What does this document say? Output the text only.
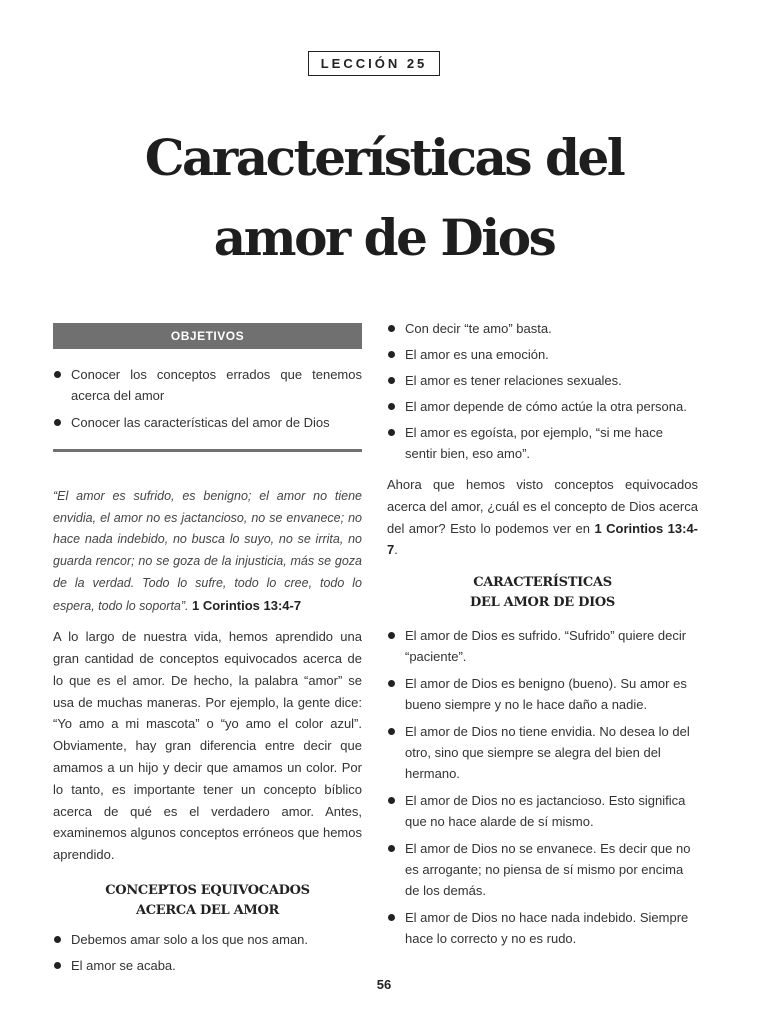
LECCIÓN 25
Características del
amor de Dios
OBJETIVOS
Conocer los conceptos errados que tenemos acerca del amor
Conocer las características del amor de Dios
“El amor es sufrido, es benigno; el amor no tiene envidia, el amor no es jactancioso, no se envanece; no hace nada indebido, no busca lo suyo, no se irrita, no guarda rencor; no se goza de la injusticia, más se goza de la verdad. Todo lo sufre, todo lo cree, todo lo espera, todo lo soporta”. 1 Corintios 13:4-7

A lo largo de nuestra vida, hemos aprendido una gran cantidad de conceptos equivocados acerca de lo que es el amor. De hecho, la palabra “amor” se usa de muchas maneras. Por ejemplo, la gente dice: “Yo amo a mi mascota” o “yo amo el color azul”. Obviamente, hay gran diferencia entre decir que amamos a un hijo y decir que amamos un color. Por lo tanto, es importante tener un concepto bíblico acerca de qué es el verdadero amor. Antes, examinemos algunos conceptos erróneos que hemos aprendido.

CONCEPTOS EQUIVOCADOS
ACERCA DEL AMOR
Debemos amar solo a los que nos aman.
El amor se acaba.
Con decir “te amo” basta.
El amor es una emoción.
El amor es tener relaciones sexuales.
El amor depende de cómo actúe la otra persona.
El amor es egoísta, por ejemplo, “si me hace sentir bien, eso amo”.

Ahora que hemos visto conceptos equivocados acerca del amor, ¿cuál es el concepto de Dios acerca del amor? Esto lo podemos ver en 1 Corintios 13:4-7.

CARACTERÍSTICAS
DEL AMOR DE DIOS
El amor de Dios es sufrido. “Sufrido” quiere decir “paciente”.
El amor de Dios es benigno (bueno). Su amor es bueno siempre y no le hace daño a nadie.
El amor de Dios no tiene envidia. No desea lo del otro, sino que siempre se alegra del bien del hermano.
El amor de Dios no es jactancioso. Esto significa que no hace alarde de sí mismo.
El amor de Dios no se envanece. Es decir que no es arrogante; no piensa de sí mismo por encima de los demás.
El amor de Dios no hace nada indebido. Siempre hace lo correcto y no es rudo.
56
